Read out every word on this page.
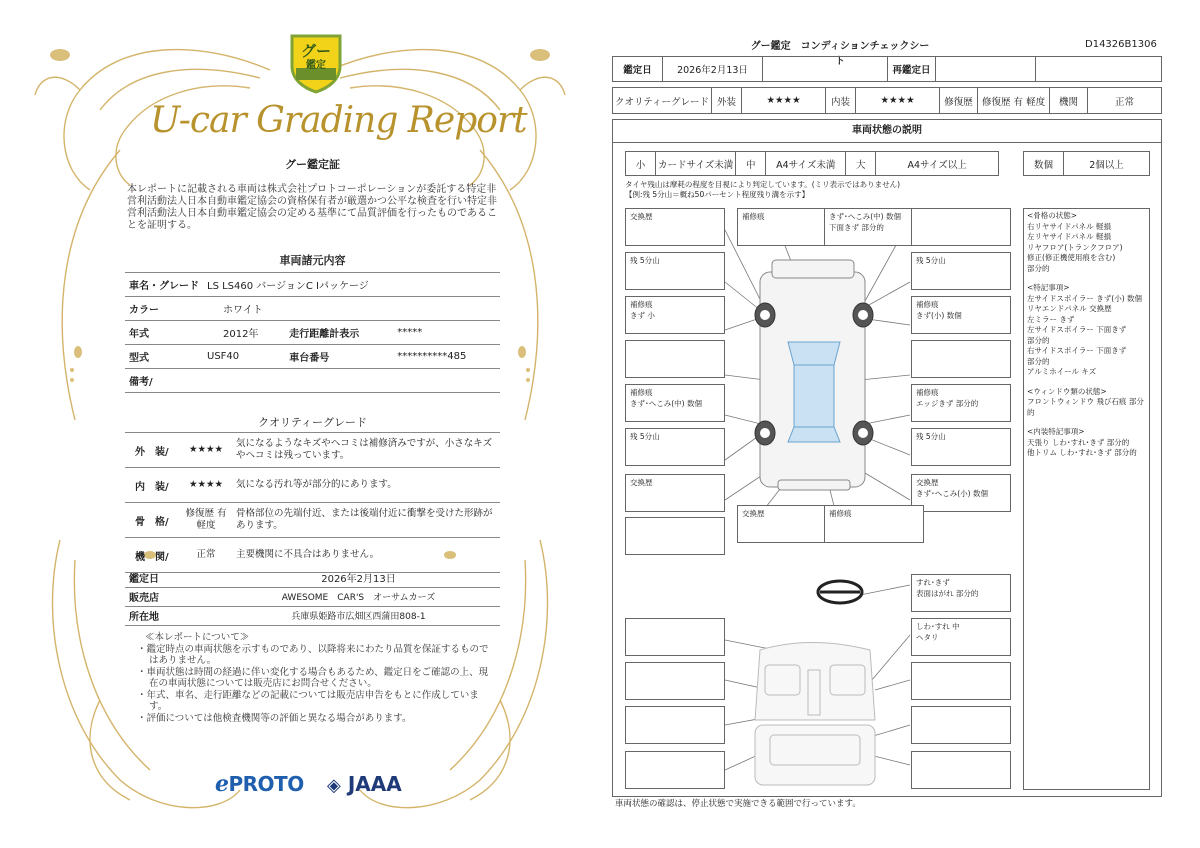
グー
鑑定
U-car Grading Report
グー鑑定証
本レポートに記載される車両は株式会社プロトコーポレーションが委託する特定非営利活動法人日本自動車鑑定協会の資格保有者が厳選かつ公平な検査を行い特定非営利活動法人日本自動車鑑定協会の定める基準にて品質評価を行ったものであることを証明する。
車両諸元内容
車名・グレード	LS LS460 バージョンC Iパッケージ		
カラー	ホワイト		
年式	2012年	走行距離計表示	*****
型式	USF40	車台番号	**********485
備考/			
クオリティーグレード
外　装/	★★★★	気になるようなキズやヘコミは補修済みですが、小さなキズやヘコミは残っています。
内　装/	★★★★	気になる汚れ等が部分的にあります。
骨　格/	修復歴 有　軽度	骨格部位の先端付近、または後端付近に衝撃を受けた形跡があります。
機　関/	正常	主要機関に不具合はありません。
鑑定日	2026年2月13日
販売店	AWESOME　CAR'S　オーサムカーズ
所在地	兵庫県姫路市広畑区西蒲田808-1
≪本レポートについて≫
・鑑定時点の車両状態を示すものであり、以降将来にわたり品質を保証するものではありません。
・車両状態は時間の経過に伴い変化する場合もあるため、鑑定日をご確認の上、現在の車両状態については販売店にお問合せください。
・年式、車名、走行距離などの記載については販売店申告をもとに作成しています。
・評価については他検査機関等の評価と異なる場合があります。
ℯPROTO ◈ JAAA
グー鑑定　コンディションチェックシート
D14326B1306
鑑定日	2026年2月13日		再鑑定日		
クオリティーグレード	外装	★★★★	内装	★★★★	修復歴	修復歴 有 軽度	機関	正常
車両状態の説明
小	カードサイズ未満	中	A4サイズ未満	大	A4サイズ以上	数個	2個以上
タイヤ残山は摩耗の程度を目視により判定しています。(ミリ表示ではありません)
【例:残 5分山＝概ね50パーセント程度残り溝を示す】
交換歴	補修痕	きず･へこみ(中) 数個
下面きず 部分的
残 5分山	残 5分山
補修痕
きず 小
補修痕
きず(小) 数個
補修痕
きず･へこみ(中) 数個
補修痕
エッジきず 部分的
残 5分山	残 5分山
交換歴	交換歴
きず･へこみ(小) 数個
交換歴	補修痕
すれ･きず
表面はがれ 部分的
しわ･すれ 中
ヘタリ
<骨格の状態>
右リヤサイドパネル 軽損
左リヤサイドパネル 軽損
リヤフロア(トランクフロア)
修正(修正機使用痕を含む)
部分的
<特記事項>
左サイドスポイラー きず(小) 数個
リヤエンドパネル 交換歴
左ミラー きず
左サイドスポイラー 下面きず
部分的
右サイドスポイラー 下面きず
部分的
アルミホイール キズ
<ウィンドウ類の状態>
フロントウィンドウ 飛び石痕 部分的
<内装特記事項>
天張り しわ･すれ･きず 部分的
他トリム しわ･すれ･きず 部分的
車両状態の確認は、停止状態で実施できる範囲で行っています。
